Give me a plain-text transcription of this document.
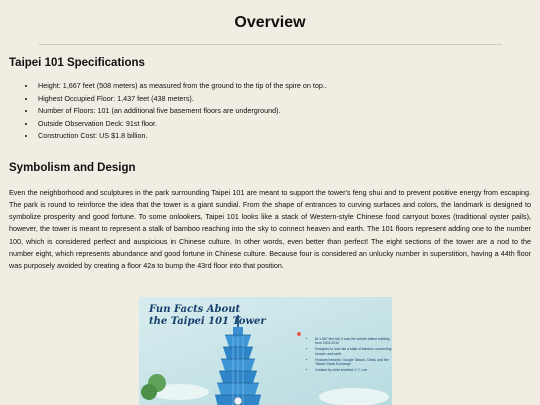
Overview
Taipei 101 Specifications
• Height: 1,667 feet (508 meters) as measured from the ground to the tip of the spire on top..
• Highest Occupied Floor: 1,437 feet (438 meters).
• Number of Floors: 101 (an additional five basement floors are underground).
• Outside Observation Deck: 91st floor.
• Construction Cost: US $1.8 billion.
Symbolism and Design

Even the neighborhood and sculptures in the park surrounding Taipei 101 are meant to support the tower's feng shui and to prevent positive energy from escaping. The park is round to reinforce the idea that the tower is a giant sundial. From the shape of entrances to curving surfaces and colors, the landmark is designed to symbolize prosperity and good fortune. To some onlookers, Taipei 101 looks like a stack of Western-style Chinese food carryout boxes (traditional oyster pails), however, the tower is meant to represent a stalk of bamboo reaching into the sky to connect heaven and earth. The 101 floors represent adding one to the number 100, which is considered perfect and auspicious in Chinese culture. In other words, even better than perfect! The eight sections of the tower are a nod to the number eight, which represents abundance and good fortune in Chinese culture. Because four is considered an unlucky number in superstition, having a 44th floor was purposely avoided by creating a floor 42a to bump the 43rd floor into that position.

Fun Facts About
the Taipei 101 Tower
• At 1,667 feet tall, it was the world's tallest building from 2004-2010
• Designed to look like a stalk of bamboo connecting heaven and earth
• Featured tenants: Google Taiwan, Citrial, and the Taiwan Stock Exchange
• Created by chief architect C.Y. Lee
